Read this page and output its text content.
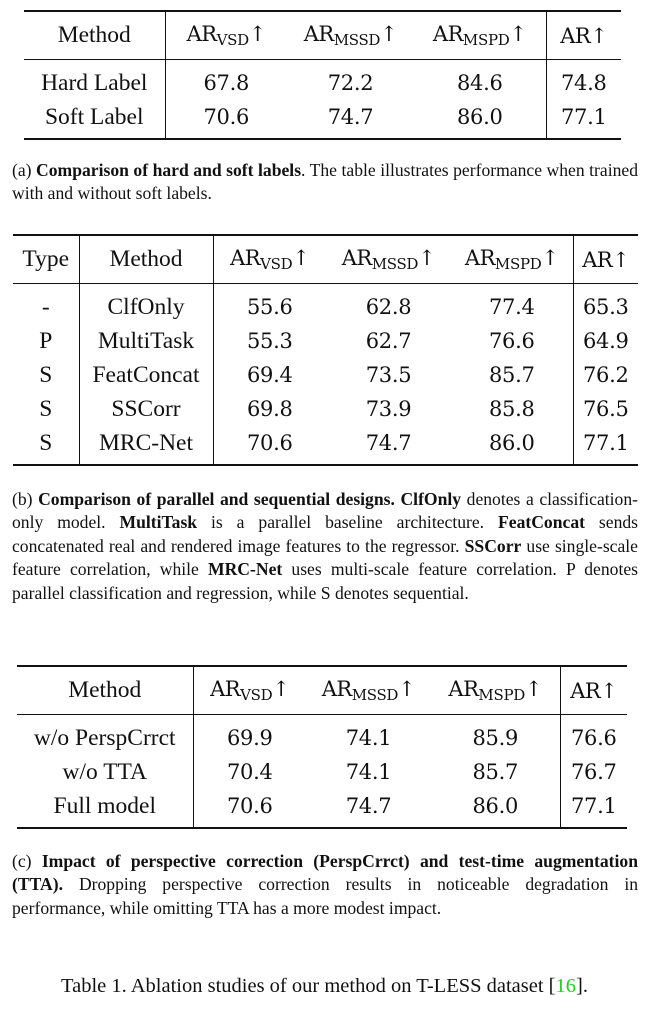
Method	$AR_{VSD}↑$	$AR_{MSSD}↑$	$AR_{MSPD}↑$	AR↑
Hard Label	67.8	72.2	84.6	74.8
Soft Label	70.6	74.7	86.0	77.1
(a) Comparison of hard and soft labels. The table illustrates performance when trained with and without soft labels.
Type	Method	$AR_{VSD}↑$	$AR_{MSSD}↑$	$AR_{MSPD}↑$	AR↑
-	ClfOnly	55.6	62.8	77.4	65.3
P	MultiTask	55.3	62.7	76.6	64.9
S	FeatConcat	69.4	73.5	85.7	76.2
S	SSCorr	69.8	73.9	85.8	76.5
S	MRC-Net	70.6	74.7	86.0	77.1
(b) Comparison of parallel and sequential designs. ClfOnly denotes a classification-only model. MultiTask is a parallel baseline architecture. FeatConcat sends concatenated real and rendered image features to the regressor. SSCorr use single-scale feature correlation, while MRC-Net uses multi-scale feature correlation. P denotes parallel classification and regression, while S denotes sequential.
Method	$AR_{VSD}↑$	$AR_{MSSD}↑$	$AR_{MSPD}↑$	AR↑
w/o PerspCrrct	69.9	74.1	85.9	76.6
w/o TTA	70.4	74.1	85.7	76.7
Full model	70.6	74.7	86.0	77.1
(c) Impact of perspective correction (PerspCrrct) and test-time augmentation (TTA). Dropping perspective correction results in noticeable degradation in performance, while omitting TTA has a more modest impact.
Table 1. Ablation studies of our method on T-LESS dataset [16].
